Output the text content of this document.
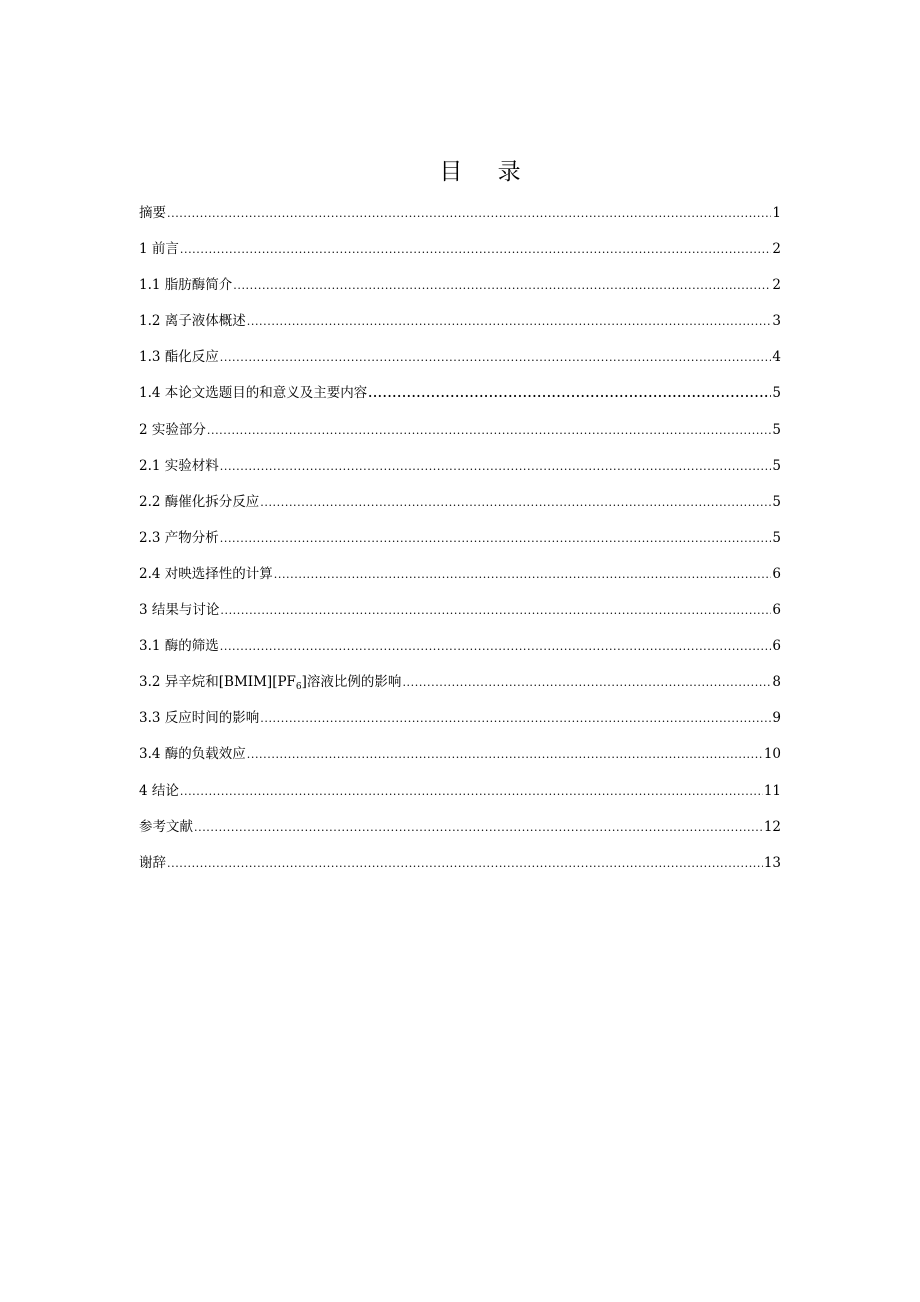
目 录
摘要 .....	1
1 前言 .....	2
1.1 脂肪酶简介 .....	2
1.2 离子液体概述 .....	3
1.3 酯化反应 .....	4
1.4 本论文选题目的和意义及主要内容 .....	5
2 实验部分 .....	5
2.1 实验材料 .....	5
2.2 酶催化拆分反应 .....	5
2.3 产物分析 .....	5
2.4 对映选择性的计算 .....	6
3 结果与讨论 .....	6
3.1 酶的筛选 .....	6
3.2 异辛烷和$[BMIM][PF_6]$溶液比例的影响 .....	8
3.3 反应时间的影响 .....	9
3.4 酶的负载效应 .....	10
4 结论 .....	11
参考文献 .....	12
谢辞 .....	13
